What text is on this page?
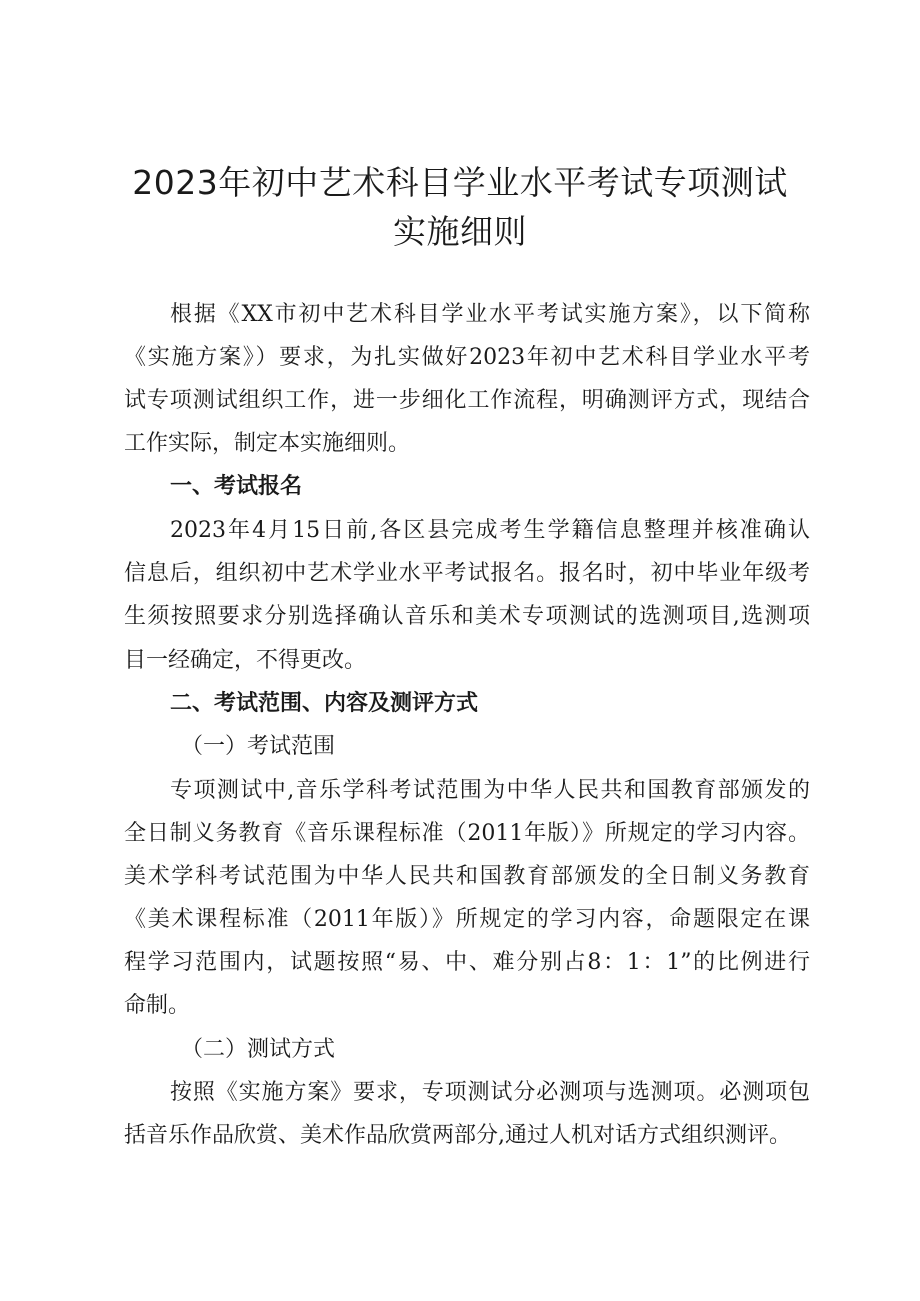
2023年初中艺术科目学业水平考试专项测试
实施细则
根据《XX市初中艺术科目学业水平考试实施方案》，以下简称
《实施方案》）要求，为扎实做好2023年初中艺术科目学业水平考
试专项测试组织工作，进一步细化工作流程，明确测评方式，现结合
工作实际，制定本实施细则。
一、考试报名
2023年4月15日前,各区县完成考生学籍信息整理并核准确认
信息后，组织初中艺术学业水平考试报名。报名时，初中毕业年级考
生须按照要求分别选择确认音乐和美术专项测试的选测项目,选测项
目一经确定，不得更改。
二、考试范围、内容及测评方式
（一）考试范围
专项测试中,音乐学科考试范围为中华人民共和国教育部颁发的
全日制义务教育《音乐课程标准（2011年版）》所规定的学习内容。
美术学科考试范围为中华人民共和国教育部颁发的全日制义务教育
《美术课程标准（2011年版）》所规定的学习内容，命题限定在课
程学习范围内，试题按照“易、中、难分别占8：1：1”的比例进行
命制。
（二）测试方式
按照《实施方案》要求，专项测试分必测项与选测项。必测项包
括音乐作品欣赏、美术作品欣赏两部分,通过人机对话方式组织测评。
